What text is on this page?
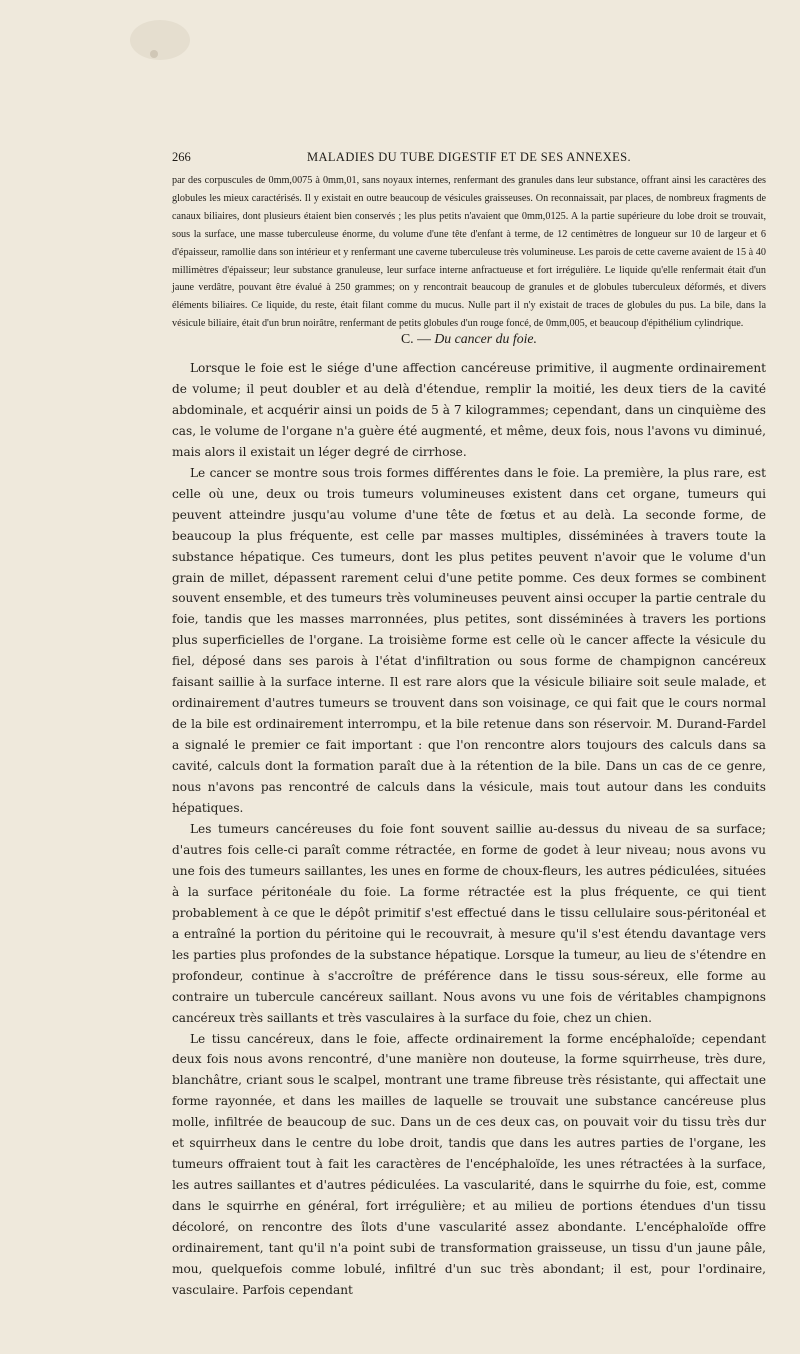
266	MALADIES DU TUBE DIGESTIF ET DE SES ANNEXES.

par des corpuscules de 0mm,0075 à 0mm,01, sans noyaux internes, renfermant des granules dans leur substance, offrant ainsi les caractères des globules les mieux caractérisés. Il y existait en outre beaucoup de vésicules graisseuses. On reconnaissait, par places, de nombreux fragments de canaux biliaires, dont plusieurs étaient bien conservés ; les plus petits n'avaient que 0mm,0125. A la partie supérieure du lobe droit se trouvait, sous la surface, une masse tuberculeuse énorme, du volume d'une tête d'enfant à terme, de 12 centimètres de longueur sur 10 de largeur et 6 d'épaisseur, ramollie dans son intérieur et y renfermant une caverne tuberculeuse très volumineuse. Les parois de cette caverne avaient de 15 à 40 millimètres d'épaisseur; leur substance granuleuse, leur surface interne anfractueuse et fort irrégulière. Le liquide qu'elle renfermait était d'un jaune verdâtre, pouvant être évalué à 250 grammes; on y rencontrait beaucoup de granules et de globules tuberculeux déformés, et divers éléments biliaires. Ce liquide, du reste, était filant comme du mucus. Nulle part il n'y existait de traces de globules du pus. La bile, dans la vésicule biliaire, était d'un brun noirâtre, renfermant de petits globules d'un rouge foncé, de 0mm,005, et beaucoup d'épithélium cylindrique.

C. — Du cancer du foie.

Lorsque le foie est le siége d'une affection cancéreuse primitive, il augmente ordinairement de volume; il peut doubler et au delà d'étendue, remplir la moitié, les deux tiers de la cavité abdominale, et acquérir ainsi un poids de 5 à 7 kilogrammes; cependant, dans un cinquième des cas, le volume de l'organe n'a guère été augmenté, et même, deux fois, nous l'avons vu diminué, mais alors il existait un léger degré de cirrhose.

Le cancer se montre sous trois formes différentes dans le foie. La première, la plus rare, est celle où une, deux ou trois tumeurs volumineuses existent dans cet organe, tumeurs qui peuvent atteindre jusqu'au volume d'une tête de fœtus et au delà. La seconde forme, de beaucoup la plus fréquente, est celle par masses multiples, disséminées à travers toute la substance hépatique. Ces tumeurs, dont les plus petites peuvent n'avoir que le volume d'un grain de millet, dépassent rarement celui d'une petite pomme. Ces deux formes se combinent souvent ensemble, et des tumeurs très volumineuses peuvent ainsi occuper la partie centrale du foie, tandis que les masses marronnées, plus petites, sont disséminées à travers les portions plus superficielles de l'organe. La troisième forme est celle où le cancer affecte la vésicule du fiel, déposé dans ses parois à l'état d'infiltration ou sous forme de champignon cancéreux faisant saillie à la surface interne. Il est rare alors que la vésicule biliaire soit seule malade, et ordinairement d'autres tumeurs se trouvent dans son voisinage, ce qui fait que le cours normal de la bile est ordinairement interrompu, et la bile retenue dans son réservoir. M. Durand-Fardel a signalé le premier ce fait important : que l'on rencontre alors toujours des calculs dans sa cavité, calculs dont la formation paraît due à la rétention de la bile. Dans un cas de ce genre, nous n'avons pas rencontré de calculs dans la vésicule, mais tout autour dans les conduits hépatiques.

Les tumeurs cancéreuses du foie font souvent saillie au-dessus du niveau de sa surface; d'autres fois celle-ci paraît comme rétractée, en forme de godet à leur niveau; nous avons vu une fois des tumeurs saillantes, les unes en forme de choux-fleurs, les autres pédiculées, situées à la surface péritonéale du foie. La forme rétractée est la plus fréquente, ce qui tient probablement à ce que le dépôt primitif s'est effectué dans le tissu cellulaire sous-péritonéal et a entraîné la portion du péritoine qui le recouvrait, à mesure qu'il s'est étendu davantage vers les parties plus profondes de la substance hépatique. Lorsque la tumeur, au lieu de s'étendre en profondeur, continue à s'accroître de préférence dans le tissu sous-séreux, elle forme au contraire un tubercule cancéreux saillant. Nous avons vu une fois de véritables champignons cancéreux très saillants et très vasculaires à la surface du foie, chez un chien.

Le tissu cancéreux, dans le foie, affecte ordinairement la forme encéphaloïde; cependant deux fois nous avons rencontré, d'une manière non douteuse, la forme squirrheuse, très dure, blanchâtre, criant sous le scalpel, montrant une trame fibreuse très résistante, qui affectait une forme rayonnée, et dans les mailles de laquelle se trouvait une substance cancéreuse plus molle, infiltrée de beaucoup de suc. Dans un de ces deux cas, on pouvait voir du tissu très dur et squirrheux dans le centre du lobe droit, tandis que dans les autres parties de l'organe, les tumeurs offraient tout à fait les caractères de l'encéphaloïde, les unes rétractées à la surface, les autres saillantes et d'autres pédiculées. La vascularité, dans le squirrhe du foie, est, comme dans le squirrhe en général, fort irrégulière; et au milieu de portions étendues d'un tissu décoloré, on rencontre des îlots d'une vascularité assez abondante. L'encéphaloïde offre ordinairement, tant qu'il n'a point subi de transformation graisseuse, un tissu d'un jaune pâle, mou, quelquefois comme lobulé, infiltré d'un suc très abondant; il est, pour l'ordinaire, vasculaire. Parfois cependant
